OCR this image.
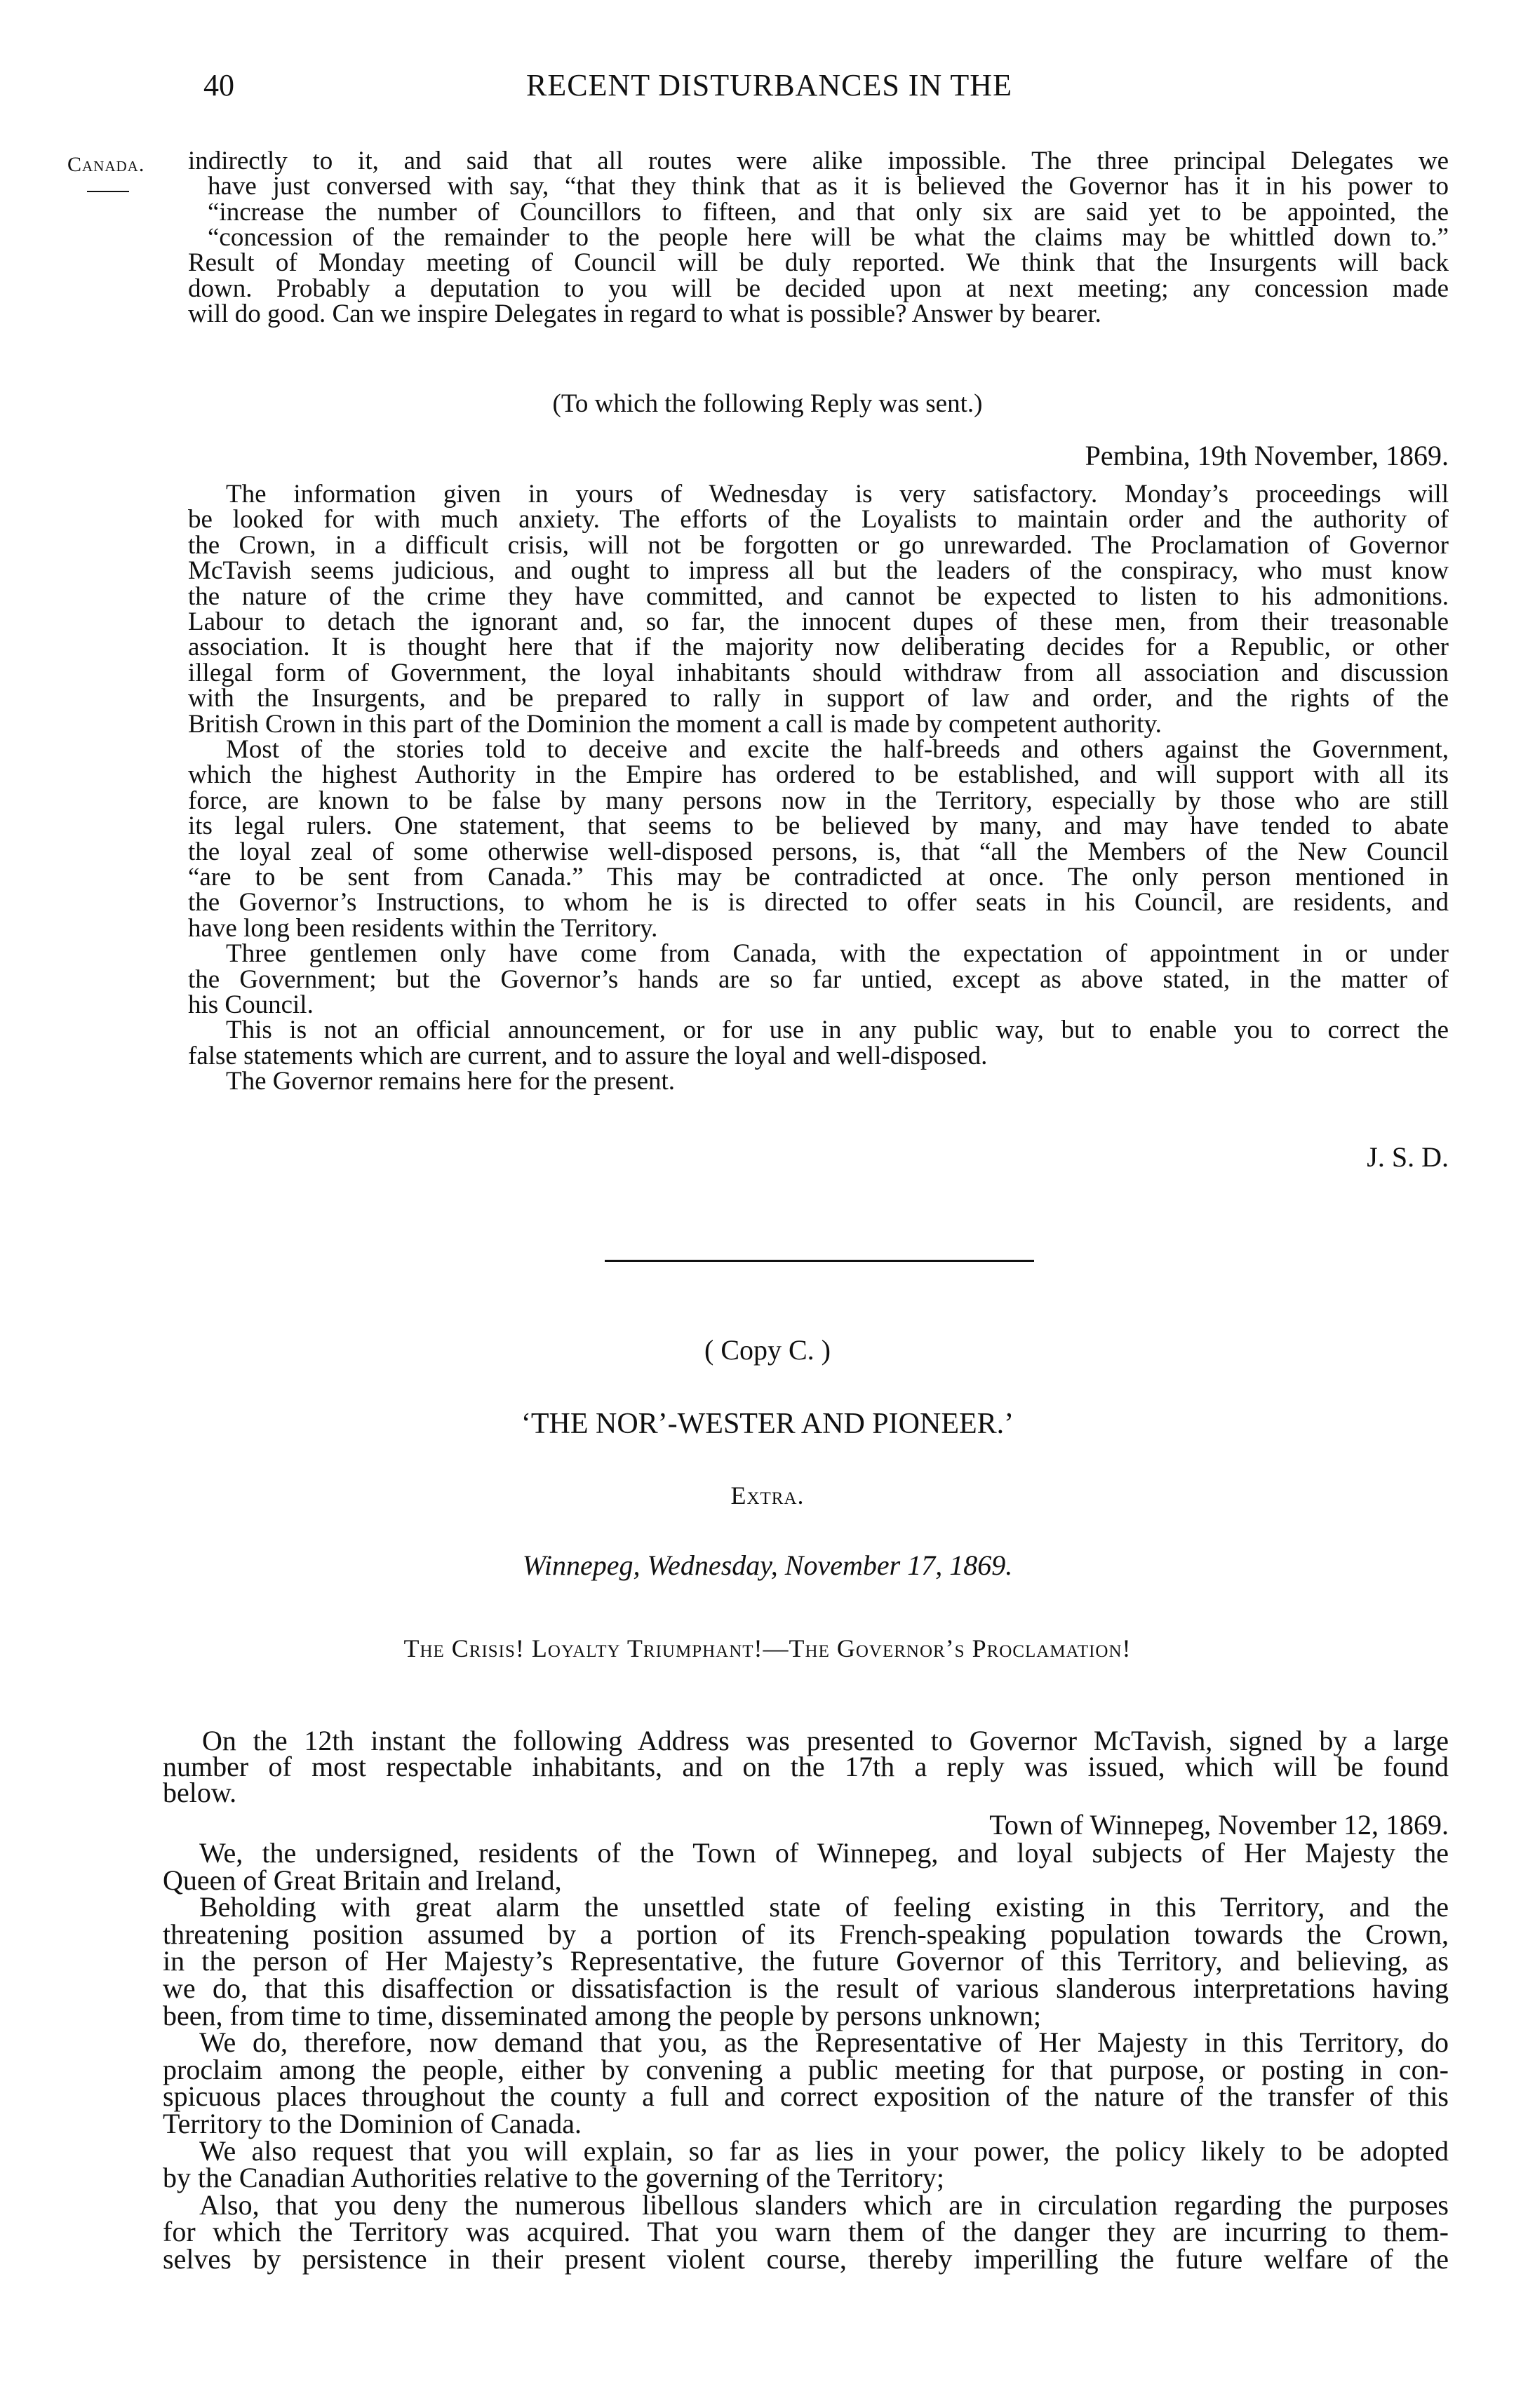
40	RECENT DISTURBANCES IN THE
Canada. indirectly to it, and said that all routes were alike impossible. The three principal Delegates we
have just conversed with say, “that they think that as it is believed the Governor has it in his power to
“increase the number of Councillors to fifteen, and that only six are said yet to be appointed, the
“concession of the remainder to the people here will be what the claims may be whittled down to.”
Result of Monday meeting of Council will be duly reported. We think that the Insurgents will back
down. Probably a deputation to you will be decided upon at next meeting; any concession made
will do good. Can we inspire Delegates in regard to what is possible? Answer by bearer.
(To which the following Reply was sent.)
Pembina, 19th November, 1869.
The information given in yours of Wednesday is very satisfactory. Monday’s proceedings will
be looked for with much anxiety. The efforts of the Loyalists to maintain order and the authority of
the Crown, in a difficult crisis, will not be forgotten or go unrewarded. The Proclamation of Governor
McTavish seems judicious, and ought to impress all but the leaders of the conspiracy, who must know
the nature of the crime they have committed, and cannot be expected to listen to his admonitions.
Labour to detach the ignorant and, so far, the innocent dupes of these men, from their treasonable
association. It is thought here that if the majority now deliberating decides for a Republic, or other
illegal form of Government, the loyal inhabitants should withdraw from all association and discussion
with the Insurgents, and be prepared to rally in support of law and order, and the rights of the
British Crown in this part of the Dominion the moment a call is made by competent authority.
Most of the stories told to deceive and excite the half-breeds and others against the Government,
which the highest Authority in the Empire has ordered to be established, and will support with all its
force, are known to be false by many persons now in the Territory, especially by those who are still
its legal rulers. One statement, that seems to be believed by many, and may have tended to abate
the loyal zeal of some otherwise well-disposed persons, is, that “all the Members of the New Council
“are to be sent from Canada.” This may be contradicted at once. The only person mentioned in
the Governor’s Instructions, to whom he is is directed to offer seats in his Council, are residents, and
have long been residents within the Territory.
Three gentlemen only have come from Canada, with the expectation of appointment in or under
the Government; but the Governor’s hands are so far untied, except as above stated, in the matter of
his Council.
This is not an official announcement, or for use in any public way, but to enable you to correct the
false statements which are current, and to assure the loyal and well-disposed.
The Governor remains here for the present.
J. S. D.
( Copy C. )
‘THE NOR’-WESTER AND PIONEER.’
Extra.
Winnepeg, Wednesday, November 17, 1869.
The Crisis! Loyalty Triumphant!—The Governor’s Proclamation!
On the 12th instant the following Address was presented to Governor McTavish, signed by a large
number of most respectable inhabitants, and on the 17th a reply was issued, which will be found
below.
Town of Winnepeg, November 12, 1869.
We, the undersigned, residents of the Town of Winnepeg, and loyal subjects of Her Majesty the
Queen of Great Britain and Ireland,
Beholding with great alarm the unsettled state of feeling existing in this Territory, and the
threatening position assumed by a portion of its French-speaking population towards the Crown,
in the person of Her Majesty’s Representative, the future Governor of this Territory, and believing, as
we do, that this disaffection or dissatisfaction is the result of various slanderous interpretations having
been, from time to time, disseminated among the people by persons unknown;
We do, therefore, now demand that you, as the Representative of Her Majesty in this Territory, do
proclaim among the people, either by convening a public meeting for that purpose, or posting in con-
spicuous places throughout the county a full and correct exposition of the nature of the transfer of this
Territory to the Dominion of Canada.
We also request that you will explain, so far as lies in your power, the policy likely to be adopted
by the Canadian Authorities relative to the governing of the Territory;
Also, that you deny the numerous libellous slanders which are in circulation regarding the purposes
for which the Territory was acquired. That you warn them of the danger they are incurring to them-
selves by persistence in their present violent course, thereby imperilling the future welfare of the
